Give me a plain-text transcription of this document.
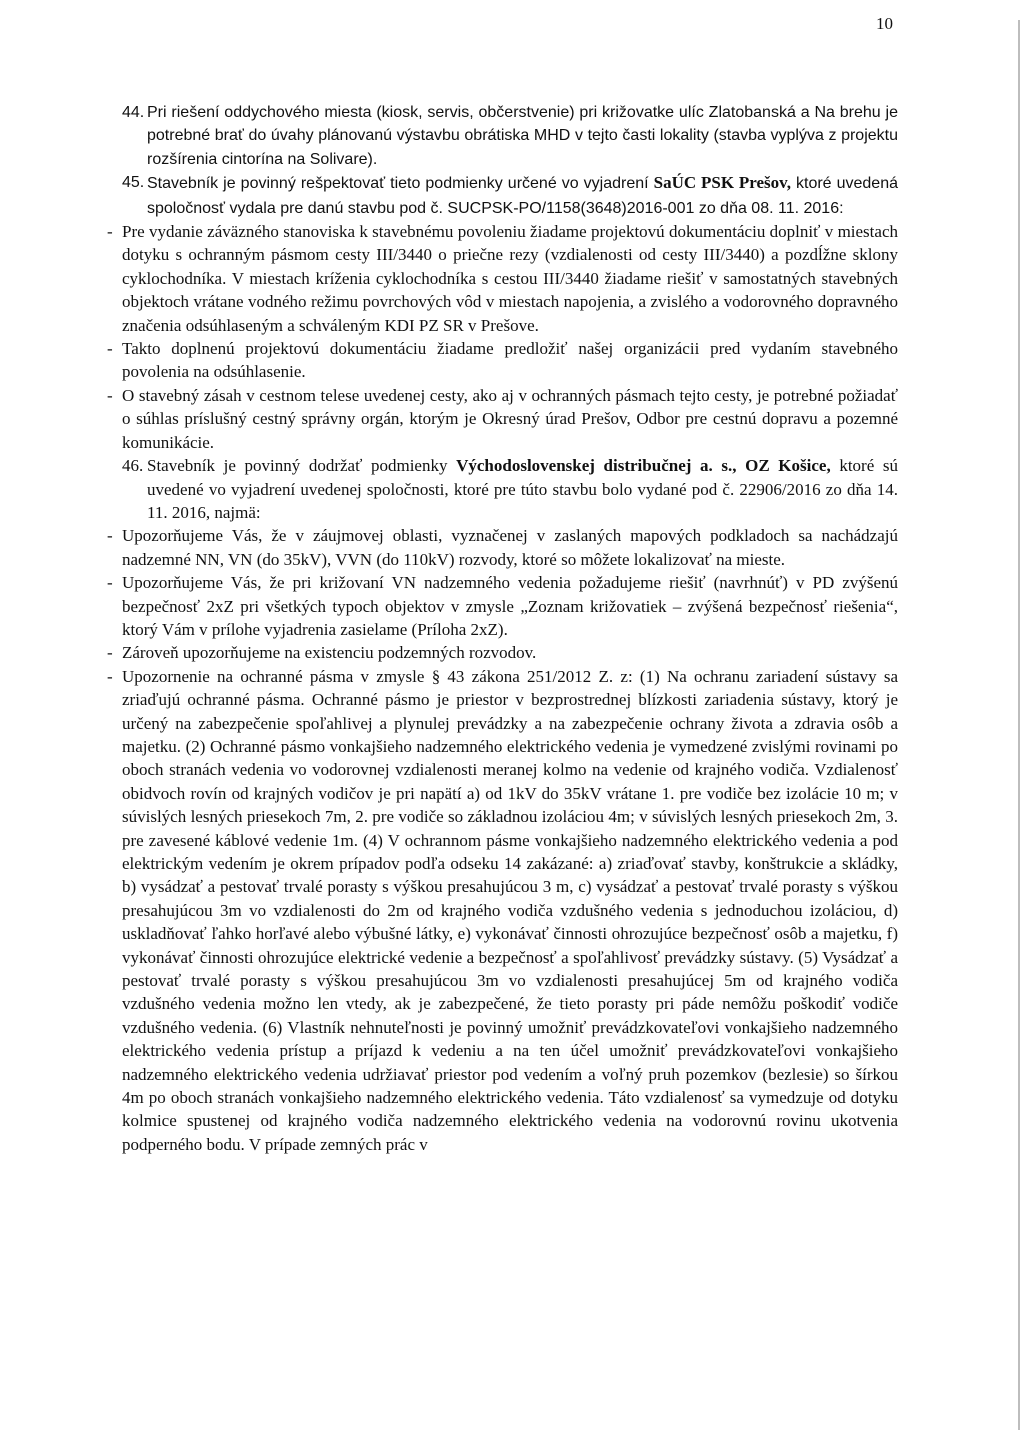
10
44. Pri riešení oddychového miesta (kiosk, servis, občerstvenie) pri križovatke ulíc Zlatobanská a Na brehu je potrebné brať do úvahy plánovanú výstavbu obrátiska MHD v tejto časti lokality (stavba vyplýva z projektu rozšírenia cintorína na Solivare).
45. Stavebník je povinný rešpektovať tieto podmienky určené vo vyjadrení SaÚC PSK Prešov, ktoré uvedená spoločnosť vydala pre danú stavbu pod č. SUCPSK-PO/1158(3648)2016-001 zo dňa 08. 11. 2016:
- Pre vydanie záväzného stanoviska k stavebnému povoleniu žiadame projektovú dokumentáciu doplniť v miestach dotyku s ochranným pásmom cesty III/3440 o priečne rezy (vzdialenosti od cesty III/3440) a pozdĺžne sklony cyklochodníka. V miestach kríženia cyklochodníka s cestou III/3440 žiadame riešiť v samostatných stavebných objektoch vrátane vodného režimu povrchových vôd v miestach napojenia, a zvislého a vodorovného dopravného značenia odsúhlaseným a schváleným KDI PZ SR v Prešove.
- Takto doplnenú projektovú dokumentáciu žiadame predložiť našej organizácii pred vydaním stavebného povolenia na odsúhlasenie.
- O stavebný zásah v cestnom telese uvedenej cesty, ako aj v ochranných pásmach tejto cesty, je potrebné požiadať o súhlas príslušný cestný správny orgán, ktorým je Okresný úrad Prešov, Odbor pre cestnú dopravu a pozemné komunikácie.
46. Stavebník je povinný dodržať podmienky Východoslovenskej distribučnej a. s., OZ Košice, ktoré sú uvedené vo vyjadrení uvedenej spoločnosti, ktoré pre túto stavbu bolo vydané pod č. 22906/2016 zo dňa 14. 11. 2016, najmä:
- Upozorňujeme Vás, že v záujmovej oblasti, vyznačenej v zaslaných mapových podkladoch sa nachádzajú nadzemné NN, VN (do 35kV), VVN (do 110kV) rozvody, ktoré so môžete lokalizovať na mieste.
- Upozorňujeme Vás, že pri križovaní VN nadzemného vedenia požadujeme riešiť (navrhnúť) v PD zvýšenú bezpečnosť 2xZ pri všetkých typoch objektov v zmysle „Zoznam križovatiek – zvýšená bezpečnosť riešenia“, ktorý Vám v prílohe vyjadrenia zasielame (Príloha 2xZ).
- Zároveň upozorňujeme na existenciu podzemných rozvodov.
- Upozornenie na ochranné pásma v zmysle § 43 zákona 251/2012 Z. z: (1) Na ochranu zariadení sústavy sa zriaďujú ochranné pásma. Ochranné pásmo je priestor v bezprostrednej blízkosti zariadenia sústavy, ktorý je určený na zabezpečenie spoľahlivej a plynulej prevádzky a na zabezpečenie ochrany života a zdravia osôb a majetku. (2) Ochranné pásmo vonkajšieho nadzemného elektrického vedenia je vymedzené zvislými rovinami po oboch stranách vedenia vo vodorovnej vzdialenosti meranej kolmo na vedenie od krajného vodiča. Vzdialenosť obidvoch rovín od krajných vodičov je pri napätí a) od 1kV do 35kV vrátane 1. pre vodiče bez izolácie 10 m; v súvislých lesných priesekoch 7m, 2. pre vodiče so základnou izoláciou 4m; v súvislých lesných priesekoch 2m, 3. pre zavesené káblové vedenie 1m. (4) V ochrannom pásme vonkajšieho nadzemného elektrického vedenia a pod elektrickým vedením je okrem prípadov podľa odseku 14 zakázané: a) zriaďovať stavby, konštrukcie a skládky, b) vysádzať a pestovať trvalé porasty s výškou presahujúcou 3 m, c) vysádzať a pestovať trvalé porasty s výškou presahujúcou 3m vo vzdialenosti do 2m od krajného vodiča vzdušného vedenia s jednoduchou izoláciou, d) uskladňovať ľahko horľavé alebo výbušné látky, e) vykonávať činnosti ohrozujúce bezpečnosť osôb a majetku, f) vykonávať činnosti ohrozujúce elektrické vedenie a bezpečnosť a spoľahlivosť prevádzky sústavy. (5) Vysádzať a pestovať trvalé porasty s výškou presahujúcou 3m vo vzdialenosti presahujúcej 5m od krajného vodiča vzdušného vedenia možno len vtedy, ak je zabezpečené, že tieto porasty pri páde nemôžu poškodiť vodiče vzdušného vedenia. (6) Vlastník nehnuteľnosti je povinný umožniť prevádzkovateľovi vonkajšieho nadzemného elektrického vedenia prístup a príjazd k vedeniu a na ten účel umožniť prevádzkovateľovi vonkajšieho nadzemného elektrického vedenia udržiavať priestor pod vedením a voľný pruh pozemkov (bezlesie) so šírkou 4m po oboch stranách vonkajšieho nadzemného elektrického vedenia. Táto vzdialenosť sa vymedzuje od dotyku kolmice spustenej od krajného vodiča nadzemného elektrického vedenia na vodorovnú rovinu ukotvenia podperného bodu. V prípade zemných prác v
